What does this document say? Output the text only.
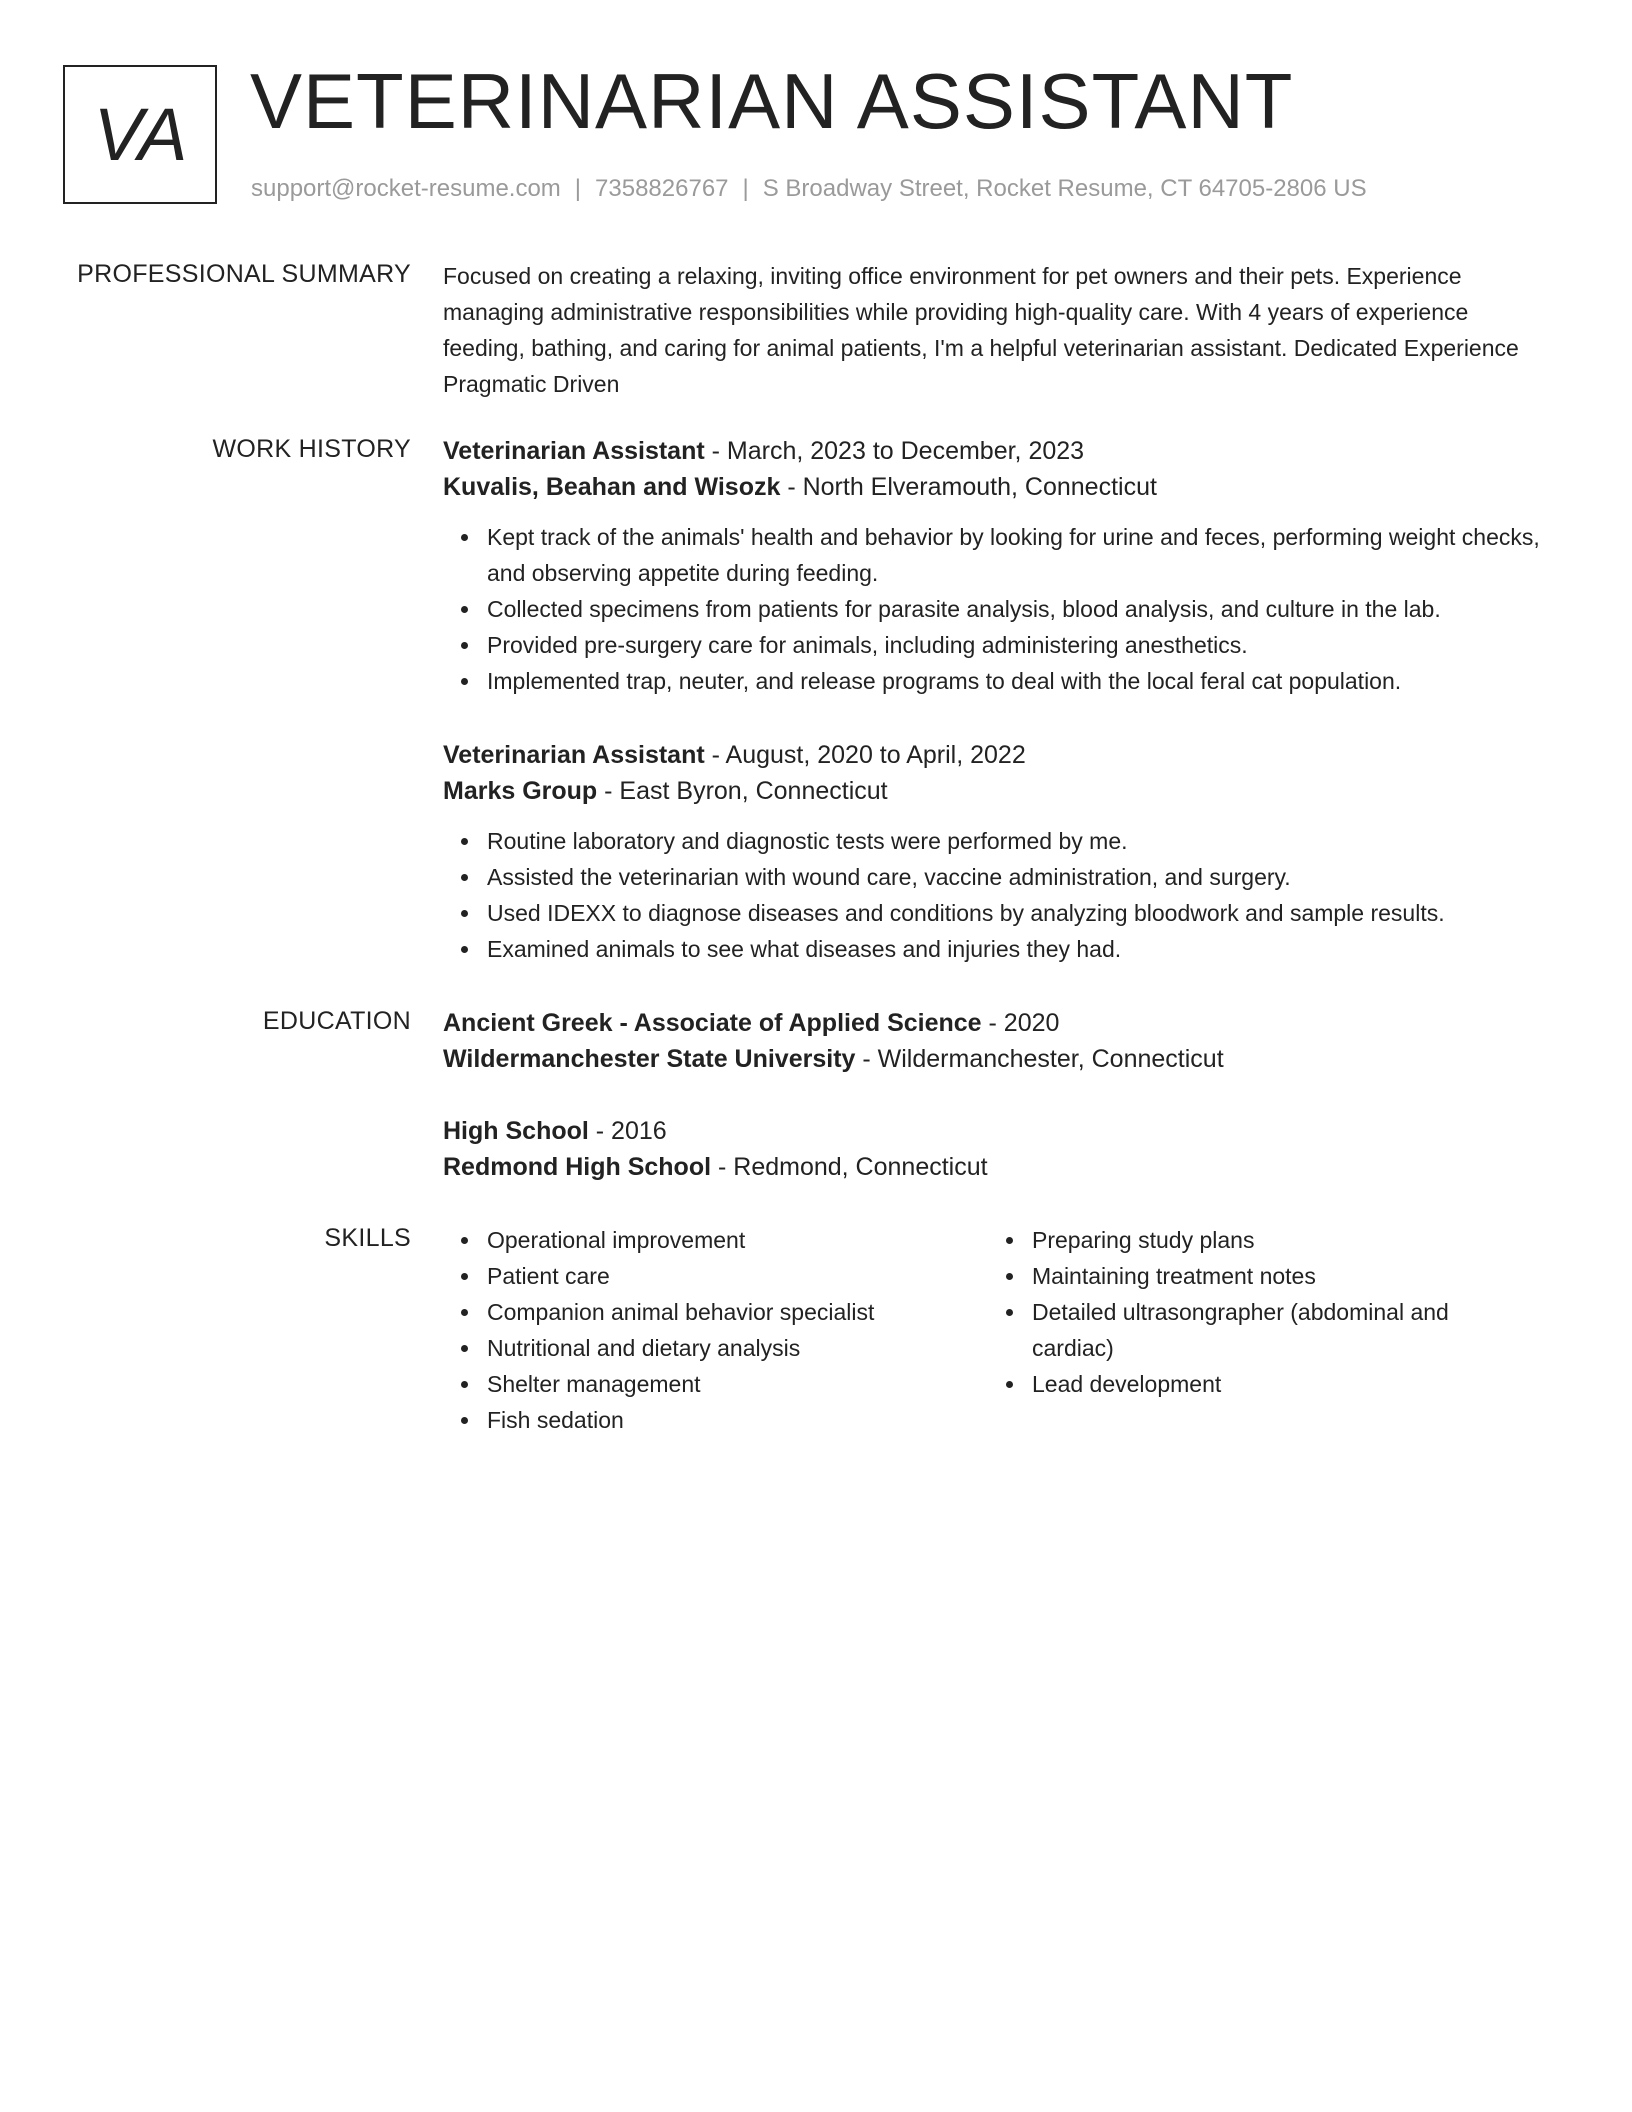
VA VETERINARIAN ASSISTANT
support@rocket-resume.com | 7358826767 | S Broadway Street, Rocket Resume, CT 64705-2806 US
PROFESSIONAL SUMMARY Focused on creating a relaxing, inviting office environment for pet owners and their pets. Experience managing administrative responsibilities while providing high-quality care. With 4 years of experience feeding, bathing, and caring for animal patients, I'm a helpful veterinarian assistant. Dedicated Experience Pragmatic Driven

WORK HISTORY Veterinarian Assistant - March, 2023 to December, 2023

Kuvalis, Beahan and Wisozk - North Elveramouth, Connecticut

Kept track of the animals' health and behavior by looking for urine and feces, performing weight checks, and observing appetite during feeding.
Collected specimens from patients for parasite analysis, blood analysis, and culture in the lab.
Provided pre-surgery care for animals, including administering anesthetics.
Implemented trap, neuter, and release programs to deal with the local feral cat population.

Veterinarian Assistant - August, 2020 to April, 2022

Marks Group - East Byron, Connecticut

Routine laboratory and diagnostic tests were performed by me.
Assisted the veterinarian with wound care, vaccine administration, and surgery.
Used IDEXX to diagnose diseases and conditions by analyzing bloodwork and sample results.
Examined animals to see what diseases and injuries they had.
EDUCATION Ancient Greek - Associate of Applied Science - 2020

Wildermanchester State University - Wildermanchester, Connecticut

High School - 2016

Redmond High School - Redmond, Connecticut

SKILLS	Operational improvement
Patient care
Companion animal behavior specialist
Nutritional and dietary analysis
Shelter management
Fish sedation
Preparing study plans
Maintaining treatment notes
Detailed ultrasongrapher (abdominal and cardiac)
Lead development
